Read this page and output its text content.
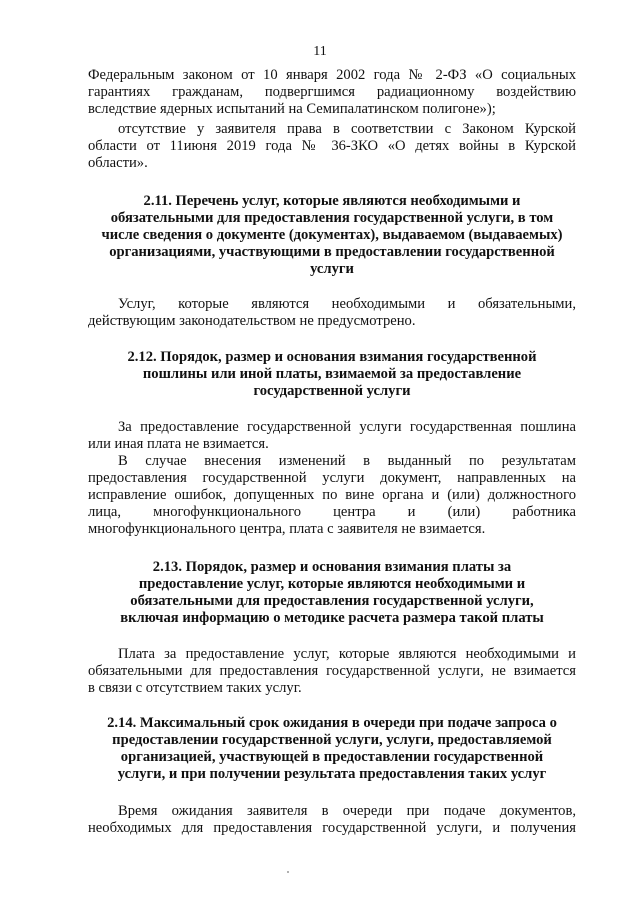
11
Федеральным законом от 10 января 2002 года № 2-ФЗ «О социальных
гарантиях гражданам, подвергшимся радиационному воздействию
вследствие ядерных испытаний на Семипалатинском полигоне»);
отсутствие у заявителя права в соответствии с Законом Курской
области от 11июня 2019 года № 36-ЗКО «О детях войны в Курской
области».
2.11. Перечень услуг, которые являются необходимыми и
обязательными для предоставления государственной услуги, в том
числе сведения о документе (документах), выдаваемом (выдаваемых)
организациями, участвующими в предоставлении государственной
услуги
Услуг, которые являются необходимыми и обязательными,
действующим законодательством не предусмотрено.
2.12. Порядок, размер и основания взимания государственной
пошлины или иной платы, взимаемой за предоставление
государственной услуги
За предоставление государственной услуги государственная пошлина
или иная плата не взимается.
В случае внесения изменений в выданный по результатам
предоставления государственной услуги документ, направленных на
исправление ошибок, допущенных по вине органа и (или) должностного
лица, многофункционального центра и (или) работника
многофункционального центра, плата с заявителя не взимается.
2.13. Порядок, размер и основания взимания платы за
предоставление услуг, которые являются необходимыми и
обязательными для предоставления государственной услуги,
включая информацию о методике расчета размера такой платы
Плата за предоставление услуг, которые являются необходимыми и
обязательными для предоставления государственной услуги, не взимается
в связи с отсутствием таких услуг.
2.14. Максимальный срок ожидания в очереди при подаче запроса о
предоставлении государственной услуги, услуги, предоставляемой
организацией, участвующей в предоставлении государственной
услуги, и при получении результата предоставления таких услуг
Время ожидания заявителя в очереди при подаче документов,
необходимых для предоставления государственной услуги, и получения
